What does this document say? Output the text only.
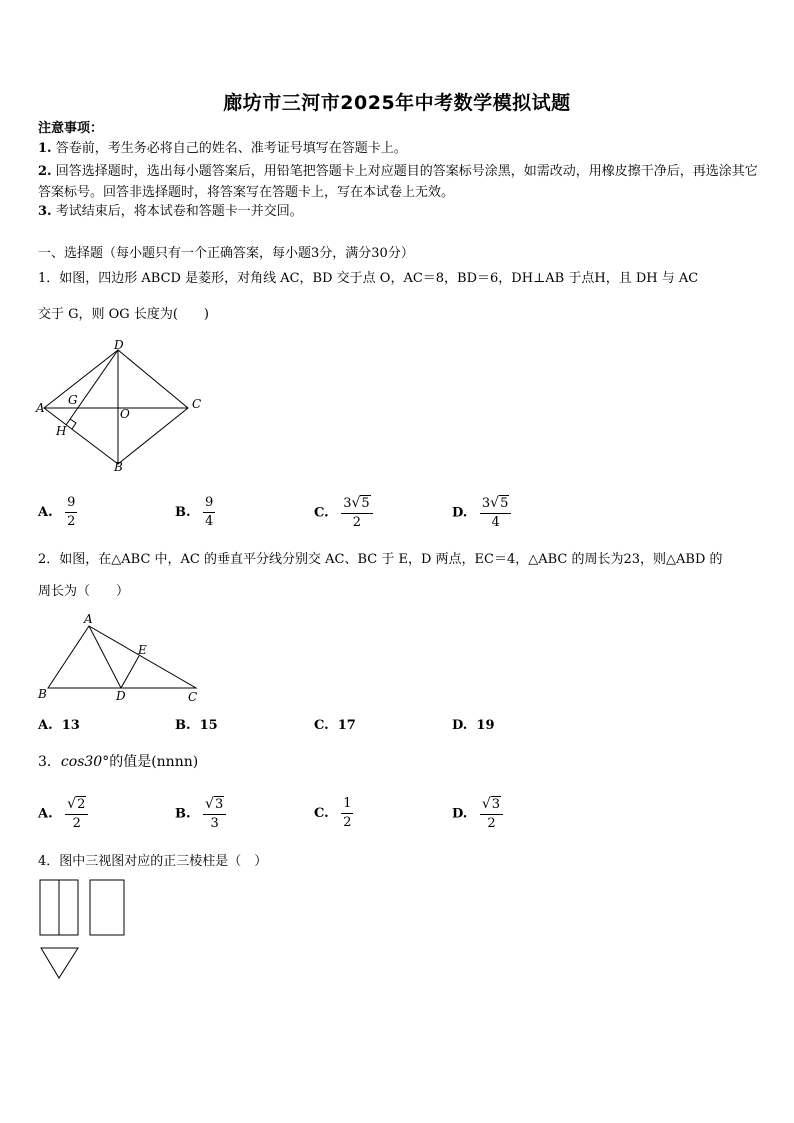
廊坊市三河市2025年中考数学模拟试题
注意事项：
1. 答卷前，考生务必将自己的姓名、准考证号填写在答题卡上。
2. 回答选择题时，选出每小题答案后，用铅笔把答题卡上对应题目的答案标号涂黑，如需改动，用橡皮擦干净后，再选涂其它答案标号。回答非选择题时，将答案写在答题卡上，写在本试卷上无效。
3. 考试结束后，将本试卷和答题卡一并交回。
一、选择题（每小题只有一个正确答案，每小题3分，满分30分）
1．如图，四边形 ABCD 是菱形，对角线 AC，BD 交于点 O，AC＝8，BD＝6，DH⊥AB 于点H，且 DH 与 AC
交于 G，则 OG 长度为(　　)
D
A	C
B
G
H
O
A. $\frac{9}{2}$	B. $\frac{9}{4}$	C. $\frac{3√5}{2}$	D. $\frac{3√5}{4}$
2．如图，在△ABC 中，AC 的垂直平分线分别交 AC、BC 于 E，D 两点，EC＝4，△ABC 的周长为23，则△ABD 的
周长为（　　）
A
B	D	C
E
A. 13	B. 15	C. 17	D. 19
3．cos30°的值是(nnnn)
A. $\frac{√2}{2}$	B. $\frac{√3}{3}$	C. $\frac{1}{2}$	D. $\frac{√3}{2}$
4．图中三视图对应的正三棱柱是（　）
